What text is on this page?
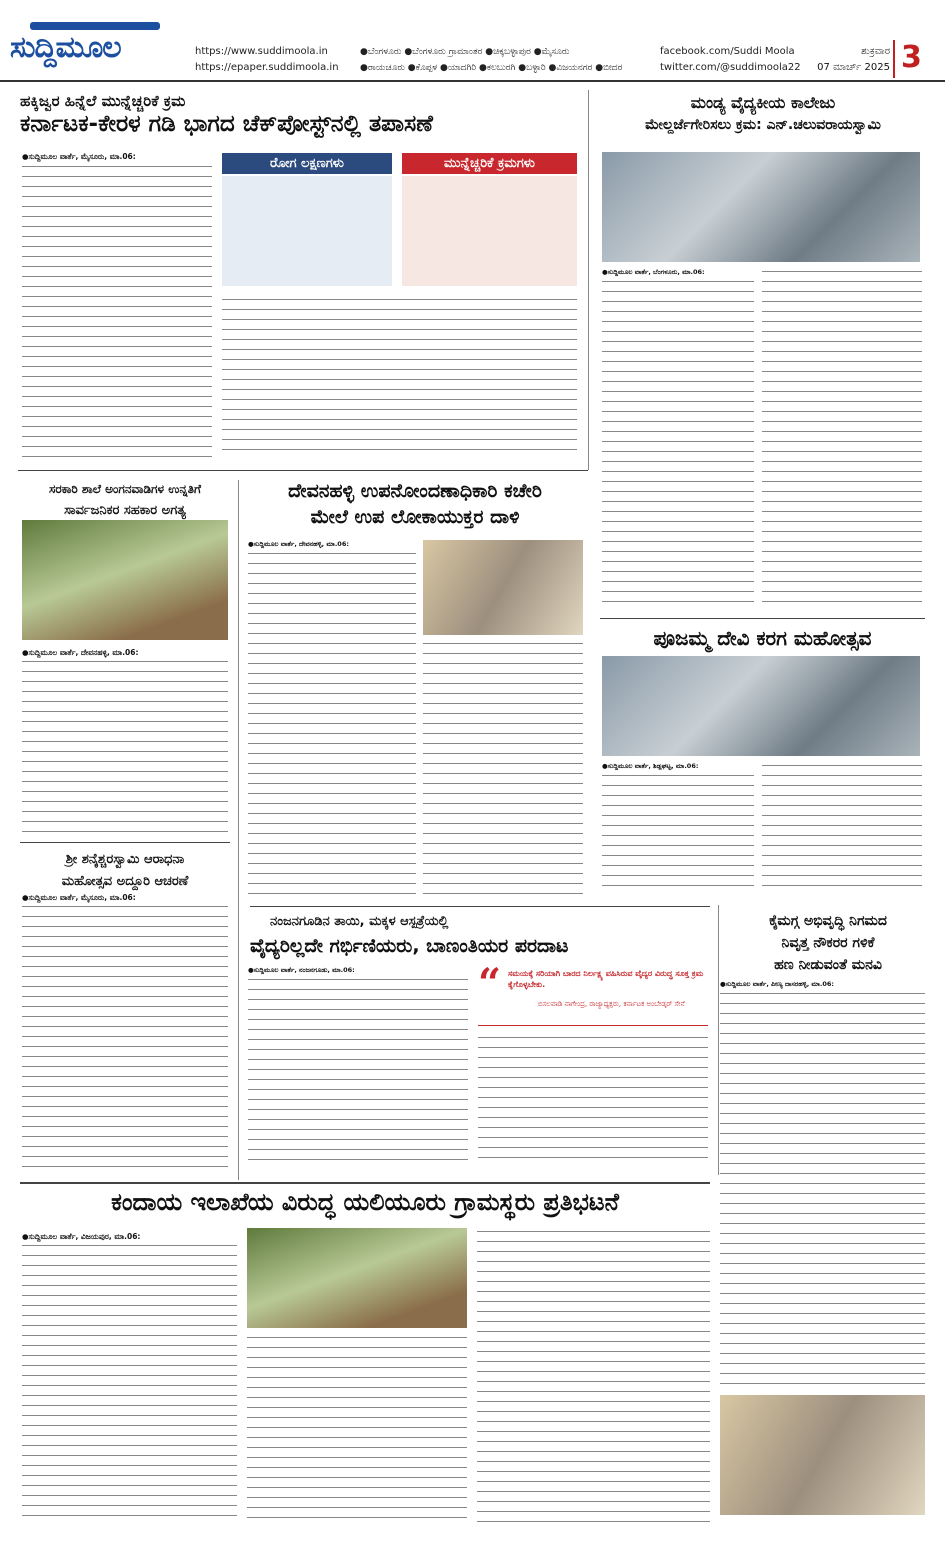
ಸುದ್ದಿಮೂಲ	https://www.suddimoola.in
https://epaper.suddimoola.in
●ಬೆಂಗಳೂರು ●ಬೆಂಗಳೂರು ಗ್ರಾಮಾಂತರ ●ಚಿಕ್ಕಬಳ್ಳಾಪುರ ●ಮೈಸೂರು
●ರಾಯಚೂರು ●ಕೊಪ್ಪಳ ●ಯಾದಗಿರಿ ●ಕಲಬುರಗಿ ●ಬಳ್ಳಾರಿ ●ವಿಜಯನಗರ ●ಬೀದರ
facebook.com/Suddi Moola
twitter.com/@suddimoola22
ಶುಕ್ರವಾರ
07 ಮಾರ್ಚ್ 2025 3
ಹಕ್ಕಿಜ್ವರ ಹಿನ್ನೆಲೆ ಮುನ್ನೆಚ್ಚರಿಕೆ ಕ್ರಮ
ಕರ್ನಾಟಕ-ಕೇರಳ ಗಡಿ ಭಾಗದ ಚೆಕ್‌ಪೋಸ್ಟ್‌ನಲ್ಲಿ ತಪಾಸಣೆ
●ಸುದ್ದಿಮೂಲ ವಾರ್ತೆ, ಮೈಸೂರು, ಮಾ.06:	ರೋಗ ಲಕ್ಷಣಗಳು	ಮುನ್ನೆಚ್ಚರಿಕೆ ಕ್ರಮಗಳು
ಮಂಡ್ಯ ವೈದ್ಯಕೀಯ ಕಾಲೇಜು
ಮೇಲ್ದರ್ಜೆಗೇರಿಸಲು ಕ್ರಮ: ಎನ್.ಚಲುವರಾಯಸ್ವಾಮಿ
●ಸುದ್ದಿಮೂಲ ವಾರ್ತೆ, ಬೆಂಗಳೂರು, ಮಾ.06:
ಸರಕಾರಿ ಶಾಲೆ ಅಂಗನವಾಡಿಗಳ ಉನ್ನತಿಗೆ
ಸಾರ್ವಜನಿಕರ ಸಹಕಾರ ಅಗತ್ಯ
●ಸುದ್ದಿಮೂಲ ವಾರ್ತೆ, ದೇವನಹಳ್ಳಿ, ಮಾ.06:
ದೇವನಹಳ್ಳಿ ಉಪನೋಂದಣಾಧಿಕಾರಿ ಕಚೇರಿ
ಮೇಲೆ ಉಪ ಲೋಕಾಯುಕ್ತರ ದಾಳಿ
●ಸುದ್ದಿಮೂಲ ವಾರ್ತೆ, ದೇವನಹಳ್ಳಿ, ಮಾ.06:
ಪೂಜಮ್ಮ ದೇವಿ ಕರಗ ಮಹೋತ್ಸವ
●ಸುದ್ದಿಮೂಲ ವಾರ್ತೆ, ಶಿಡ್ಲಘಟ್ಟ, ಮಾ.06:
ಶ್ರೀ ಶನೈಶ್ಚರಸ್ವಾಮಿ ಆರಾಧನಾ
ಮಹೋತ್ಸವ ಅದ್ದೂರಿ ಆಚರಣೆ
●ಸುದ್ದಿಮೂಲ ವಾರ್ತೆ, ಮೈಸೂರು, ಮಾ.06:
ನಂಜನಗೂಡಿನ ತಾಯಿ, ಮಕ್ಕಳ ಆಸ್ಪತ್ರೆಯಲ್ಲಿ
ವೈದ್ಯರಿಲ್ಲದೇ ಗರ್ಭಿಣಿಯರು, ಬಾಣಂತಿಯರ ಪರದಾಟ
●ಸುದ್ದಿಮೂಲ ವಾರ್ತೆ, ನಂಜನಗೂಡು, ಮಾ.06:	“ ಸಮಯಕ್ಕೆ ಸರಿಯಾಗಿ ಬಾರದ ನಿರ್ಲಕ್ಷ್ಯ ವಹಿಸಿರುವ ವೈದ್ಯರ ವಿರುದ್ಧ ಸೂಕ್ತ ಕ್ರಮ ಕೈಗೊಳ್ಳಬೇಕು.
ಬಿಸಲವಾಡಿ ನಾಗೇಂದ್ರ, ರಾಜ್ಯಾಧ್ಯಕ್ಷರು, ಕರ್ನಾಟಕ ಅಂಬೇಡ್ಕರ್ ಸೇನೆ
ಕೈಮಗ್ಗ ಅಭಿವೃದ್ಧಿ ನಿಗಮದ
ನಿವೃತ್ತ ನೌಕರರ ಗಳಿಕೆ
ಹಣ ನೀಡುವಂತೆ ಮನವಿ
●ಸುದ್ದಿಮೂಲ ವಾರ್ತೆ, ಪೀಣ್ಯ ದಾಸರಹಳ್ಳಿ, ಮಾ.06:
ಕಂದಾಯ ಇಲಾಖೆಯ ವಿರುದ್ಧ ಯಲಿಯೂರು ಗ್ರಾಮಸ್ಥರು ಪ್ರತಿಭಟನೆ
●ಸುದ್ದಿಮೂಲ ವಾರ್ತೆ, ವಿಜಯಪುರ, ಮಾ.06:
